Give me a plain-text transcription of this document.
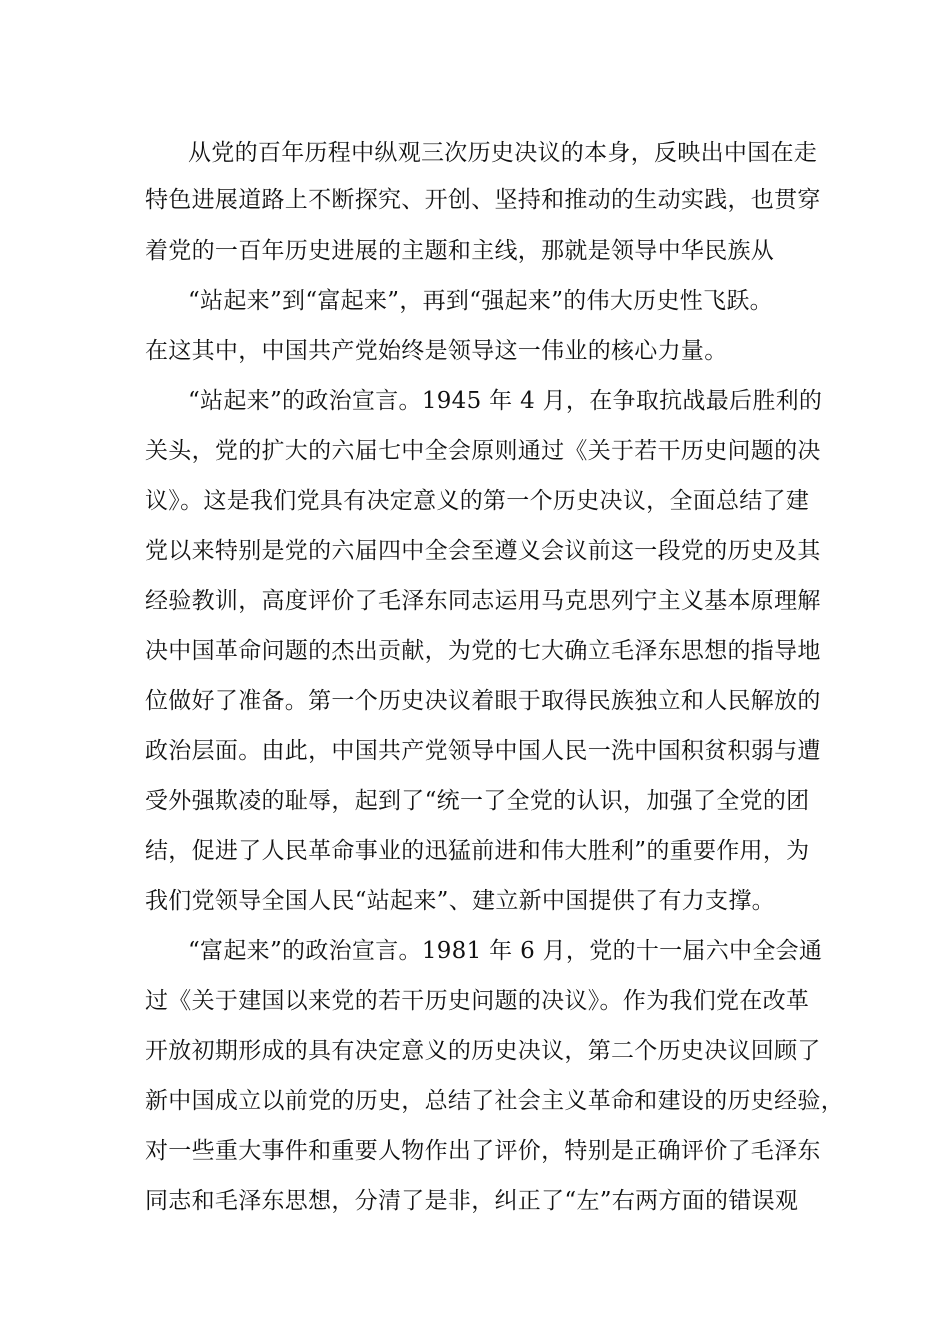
从党的百年历程中纵观三次历史决议的本身，反映出中国在走
特色进展道路上不断探究、开创、坚持和推动的生动实践，也贯穿
着党的一百年历史进展的主题和主线，那就是领导中华民族从
“站起来”到“富起来”，再到“强起来”的伟大历史性飞跃。
在这其中，中国共产党始终是领导这一伟业的核心力量。
“站起来”的政治宣言。1945 年 4 月，在争取抗战最后胜利的
关头，党的扩大的六届七中全会原则通过《关于若干历史问题的决
议》。这是我们党具有决定意义的第一个历史决议，全面总结了建
党以来特别是党的六届四中全会至遵义会议前这一段党的历史及其
经验教训，高度评价了毛泽东同志运用马克思列宁主义基本原理解
决中国革命问题的杰出贡献，为党的七大确立毛泽东思想的指导地
位做好了准备。第一个历史决议着眼于取得民族独立和人民解放的
政治层面。由此，中国共产党领导中国人民一洗中国积贫积弱与遭
受外强欺凌的耻辱，起到了“统一了全党的认识，加强了全党的团
结，促进了人民革命事业的迅猛前进和伟大胜利”的重要作用，为
我们党领导全国人民“站起来”、建立新中国提供了有力支撑。
“富起来”的政治宣言。1981 年 6 月，党的十一届六中全会通
过《关于建国以来党的若干历史问题的决议》。作为我们党在改革
开放初期形成的具有决定意义的历史决议，第二个历史决议回顾了
新中国成立以前党的历史，总结了社会主义革命和建设的历史经验，
对一些重大事件和重要人物作出了评价，特别是正确评价了毛泽东
同志和毛泽东思想，分清了是非，纠正了“左”右两方面的错误观
